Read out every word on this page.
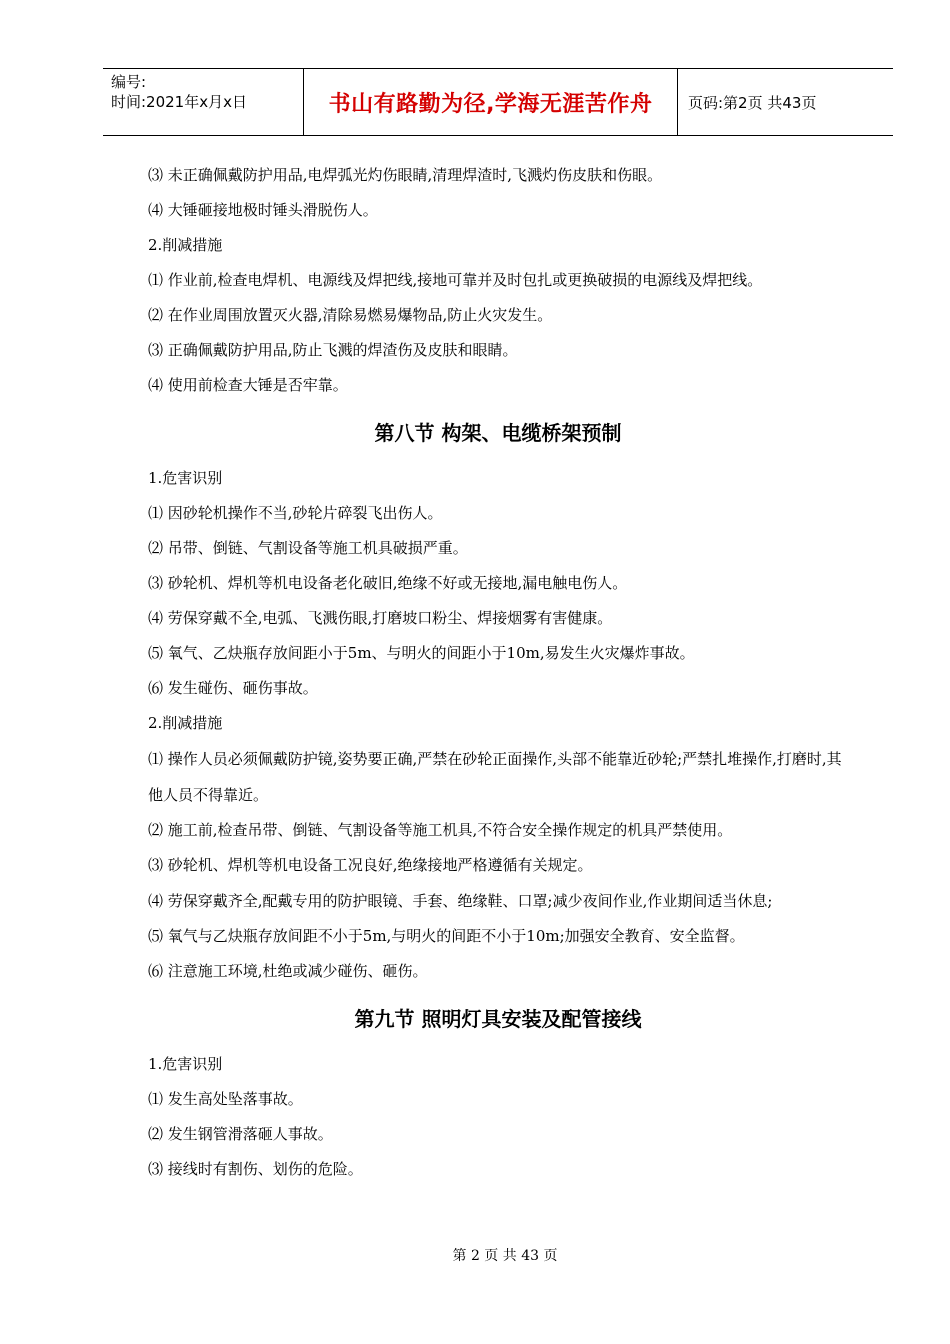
编号:
时间:2021年x月x日	书山有路勤为径,学海无涯苦作舟	页码:第2页 共43页
⑶ 未正确佩戴防护用品,电焊弧光灼伤眼睛,清理焊渣时,飞溅灼伤皮肤和伤眼。
⑷ 大锤砸接地极时锤头滑脱伤人。
2.削减措施
⑴ 作业前,检查电焊机、电源线及焊把线,接地可靠并及时包扎或更换破损的电源线及焊把线。
⑵ 在作业周围放置灭火器,清除易燃易爆物品,防止火灾发生。
⑶ 正确佩戴防护用品,防止飞溅的焊渣伤及皮肤和眼睛。
⑷ 使用前检查大锤是否牢靠。
第八节 构架、电缆桥架预制
1.危害识别
⑴ 因砂轮机操作不当,砂轮片碎裂飞出伤人。
⑵ 吊带、倒链、气割设备等施工机具破损严重。
⑶ 砂轮机、焊机等机电设备老化破旧,绝缘不好或无接地,漏电触电伤人。
⑷ 劳保穿戴不全,电弧、飞溅伤眼,打磨坡口粉尘、焊接烟雾有害健康。
⑸ 氧气、乙炔瓶存放间距小于5m、与明火的间距小于10m,易发生火灾爆炸事故。
⑹ 发生碰伤、砸伤事故。
2.削减措施
⑴ 操作人员必须佩戴防护镜,姿势要正确,严禁在砂轮正面操作,头部不能靠近砂轮;严禁扎堆操作,打磨时,其他人员不得靠近。
⑵ 施工前,检查吊带、倒链、气割设备等施工机具,不符合安全操作规定的机具严禁使用。
⑶ 砂轮机、焊机等机电设备工况良好,绝缘接地严格遵循有关规定。
⑷ 劳保穿戴齐全,配戴专用的防护眼镜、手套、绝缘鞋、口罩;减少夜间作业,作业期间适当休息;
⑸ 氧气与乙炔瓶存放间距不小于5m,与明火的间距不小于10m;加强安全教育、安全监督。
⑹ 注意施工环境,杜绝或减少碰伤、砸伤。
第九节 照明灯具安装及配管接线
1.危害识别
⑴ 发生高处坠落事故。
⑵ 发生钢管滑落砸人事故。
⑶ 接线时有割伤、划伤的危险。
第 2 页 共 43 页
